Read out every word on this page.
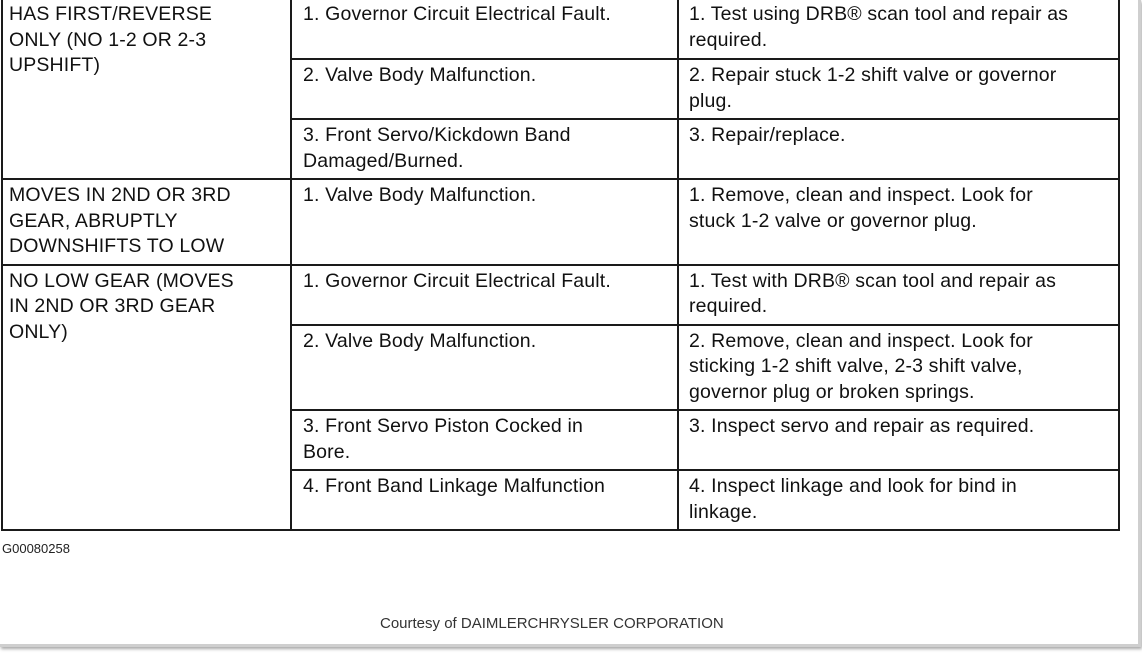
HAS FIRST/REVERSE
ONLY (NO 1-2 OR 2-3
UPSHIFT)	1. Governor Circuit Electrical Fault.	1. Test using DRB® scan tool and repair as
required.
	2. Valve Body Malfunction.	2. Repair stuck 1-2 shift valve or governor
plug.
	3. Front Servo/Kickdown Band
Damaged/Burned.	3. Repair/replace.
MOVES IN 2ND OR 3RD
GEAR, ABRUPTLY
DOWNSHIFTS TO LOW	1. Valve Body Malfunction.	1. Remove, clean and inspect. Look for
stuck 1-2 valve or governor plug.
NO LOW GEAR (MOVES
IN 2ND OR 3RD GEAR
ONLY)	1. Governor Circuit Electrical Fault.	1. Test with DRB® scan tool and repair as
required.
	2. Valve Body Malfunction.	2. Remove, clean and inspect. Look for
sticking 1-2 shift valve, 2-3 shift valve,
governor plug or broken springs.
	3. Front Servo Piston Cocked in
Bore.	3. Inspect servo and repair as required.
	4. Front Band Linkage Malfunction	4. Inspect linkage and look for bind in
linkage.
G00080258
Courtesy of DAIMLERCHRYSLER CORPORATION
